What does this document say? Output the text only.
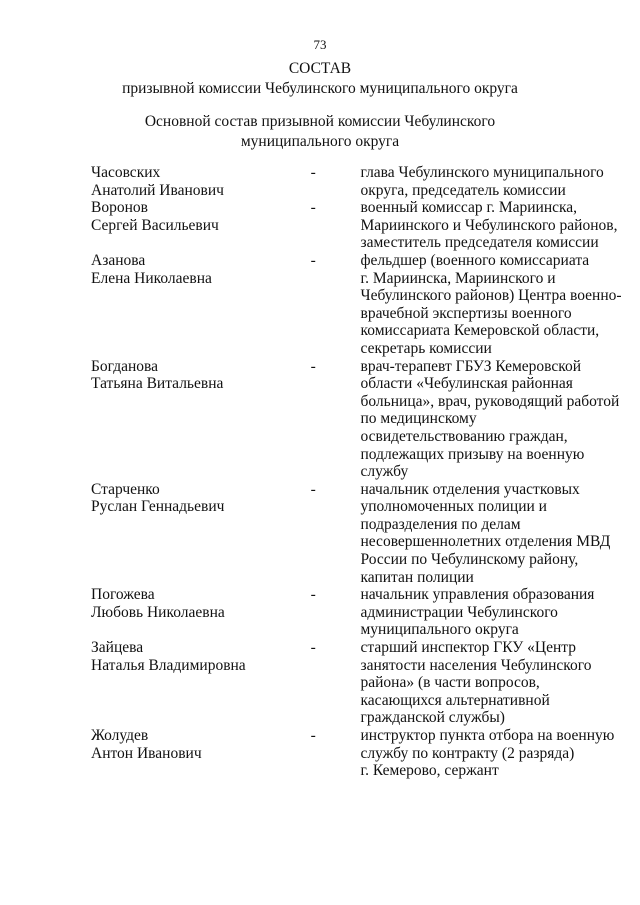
73
СОСТАВ
призывной комиссии Чебулинского муниципального округа
Основной состав призывной комиссии Чебулинского
муниципального округа
Часовских
Анатолий Иванович
-	глава Чебулинского муниципального
округа, председатель комиссии
Воронов
Сергей Васильевич
-	военный комиссар г. Мариинска,
Мариинского и Чебулинского районов,
заместитель председателя комиссии
Азанова
Елена Николаевна
-	фельдшер (военного комиссариата
г. Мариинска, Мариинского и
Чебулинского районов) Центра военно-
врачебной экспертизы военного
комиссариата Кемеровской области,
секретарь комиссии
Богданова
Татьяна Витальевна
-	врач-терапевт ГБУЗ Кемеровской
области «Чебулинская районная
больница», врач, руководящий работой
по медицинскому
освидетельствованию граждан,
подлежащих призыву на военную
службу
Старченко
Руслан Геннадьевич
-	начальник отделения участковых
уполномоченных полиции и
подразделения по делам
несовершеннолетних отделения МВД
России по Чебулинскому району,
капитан полиции
Погожева
Любовь Николаевна
-	начальник управления образования
администрации Чебулинского
муниципального округа
Зайцева
Наталья Владимировна
-	старший инспектор ГКУ «Центр
занятости населения Чебулинского
района» (в части вопросов,
касающихся альтернативной
гражданской службы)
Жолудев
Антон Иванович
-	инструктор пункта отбора на военную
службу по контракту (2 разряда)
г. Кемерово, сержант
